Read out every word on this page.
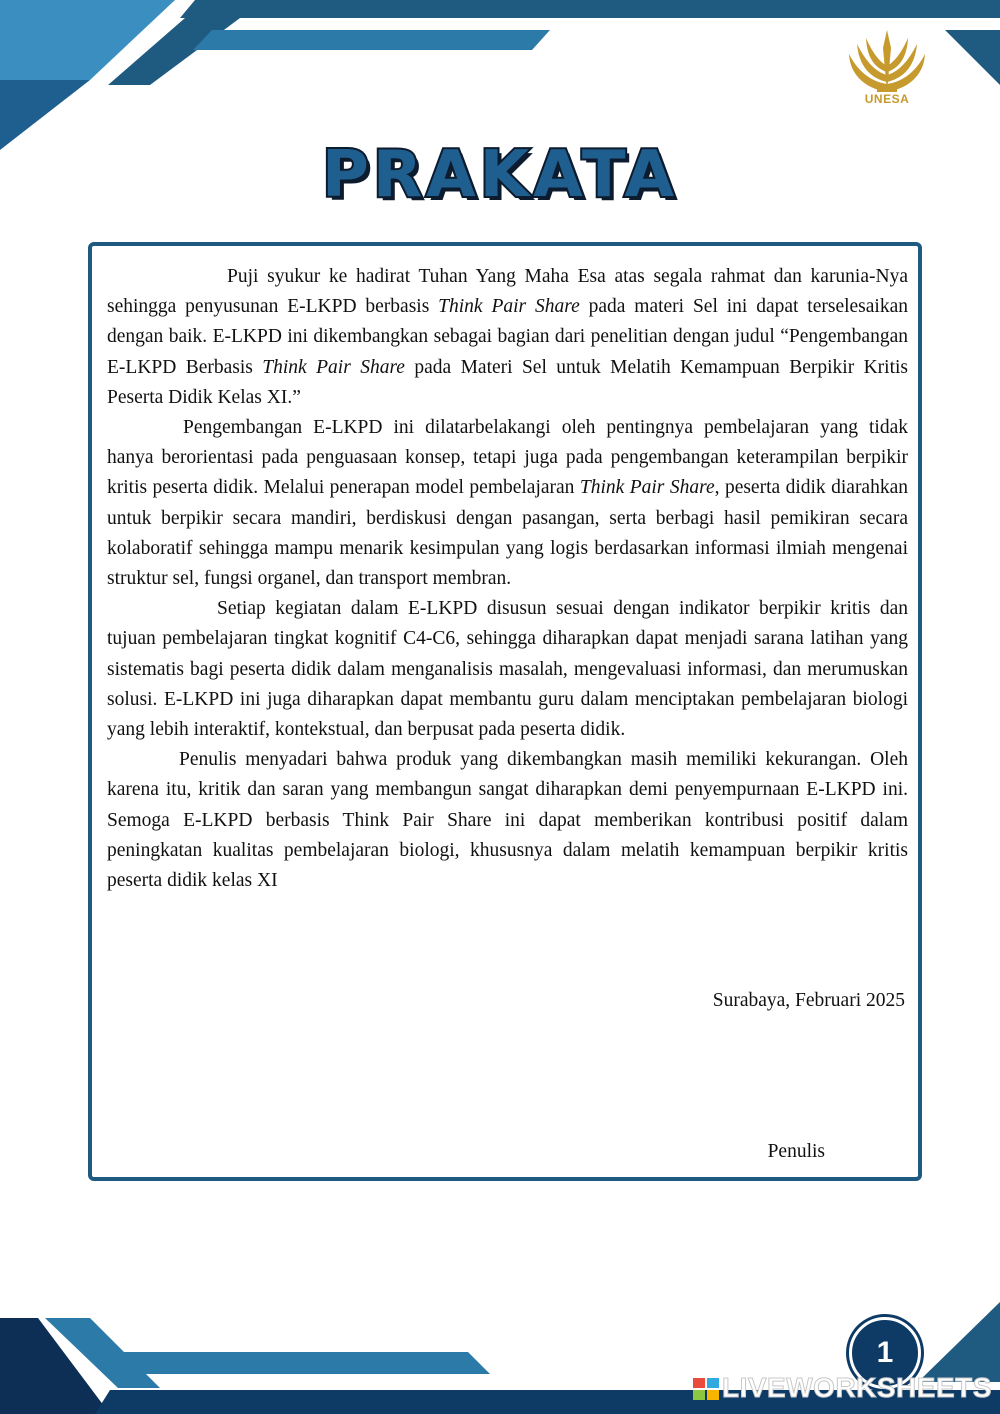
UNESA
PRAKATA

Puji syukur ke hadirat Tuhan Yang Maha Esa atas segala rahmat dan karunia-Nya sehingga penyusunan E-LKPD berbasis Think Pair Share pada materi Sel ini dapat terselesaikan dengan baik. E-LKPD ini dikembangkan sebagai bagian dari penelitian dengan judul “Pengembangan E-LKPD Berbasis Think Pair Share pada Materi Sel untuk Melatih Kemampuan Berpikir Kritis Peserta Didik Kelas XI.”

Pengembangan E-LKPD ini dilatarbelakangi oleh pentingnya pembelajaran yang tidak hanya berorientasi pada penguasaan konsep, tetapi juga pada pengembangan keterampilan berpikir kritis peserta didik. Melalui penerapan model pembelajaran Think Pair Share, peserta didik diarahkan untuk berpikir secara mandiri, berdiskusi dengan pasangan, serta berbagi hasil pemikiran secara kolaboratif sehingga mampu menarik kesimpulan yang logis berdasarkan informasi ilmiah mengenai struktur sel, fungsi organel, dan transport membran.

Setiap kegiatan dalam E-LKPD disusun sesuai dengan indikator berpikir kritis dan tujuan pembelajaran tingkat kognitif C4-C6, sehingga diharapkan dapat menjadi sarana latihan yang sistematis bagi peserta didik dalam menganalisis masalah, mengevaluasi informasi, dan merumuskan solusi. E-LKPD ini juga diharapkan dapat membantu guru dalam menciptakan pembelajaran biologi yang lebih interaktif, kontekstual, dan berpusat pada peserta didik.

Penulis menyadari bahwa produk yang dikembangkan masih memiliki kekurangan. Oleh karena itu, kritik dan saran yang membangun sangat diharapkan demi penyempurnaan E-LKPD ini. Semoga E-LKPD berbasis Think Pair Share ini dapat memberikan kontribusi positif dalam peningkatan kualitas pembelajaran biologi, khususnya dalam melatih kemampuan berpikir kritis peserta didik kelas XI

Surabaya, Februari 2025
Penulis
1
LIVEWORKSHEETS
